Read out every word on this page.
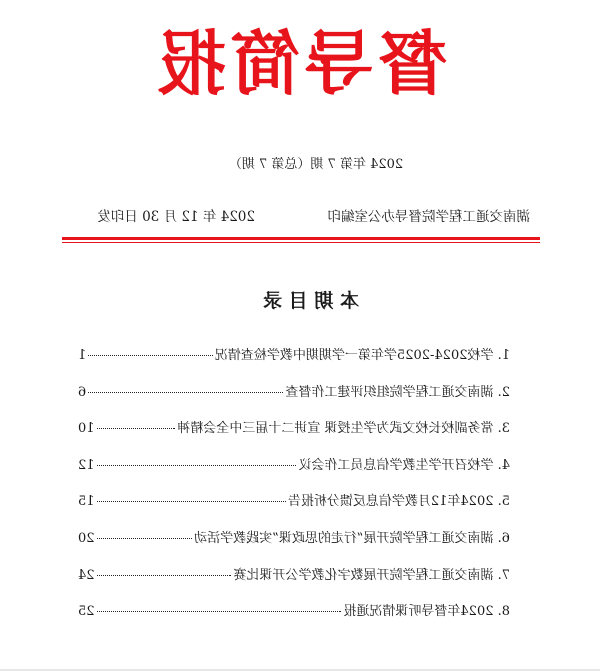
督导简报
2024 年第 7 期（总第 7 期）
湖南交通工程学院督导办公室编印
2024 年 12 月 30 日印发
本 期 目 录
1. 学校2024-2025学年第一学期期中教学检查情况
1
2. 湖南交通工程学院组织评建工作督查
6
3. 常务副校长校文武为学生授课 宣讲二十届三中全会精神
10
4. 学校召开学生教学信息员工作会议
12
5. 2024年12月教学信息反馈分析报告
15
6. 湖南交通工程学院开展“行走的思政课”实践教学活动
20
7. 湖南交通工程学院开展数字化教学公开课比赛
24
8. 2024年督导听课情况通报
25
